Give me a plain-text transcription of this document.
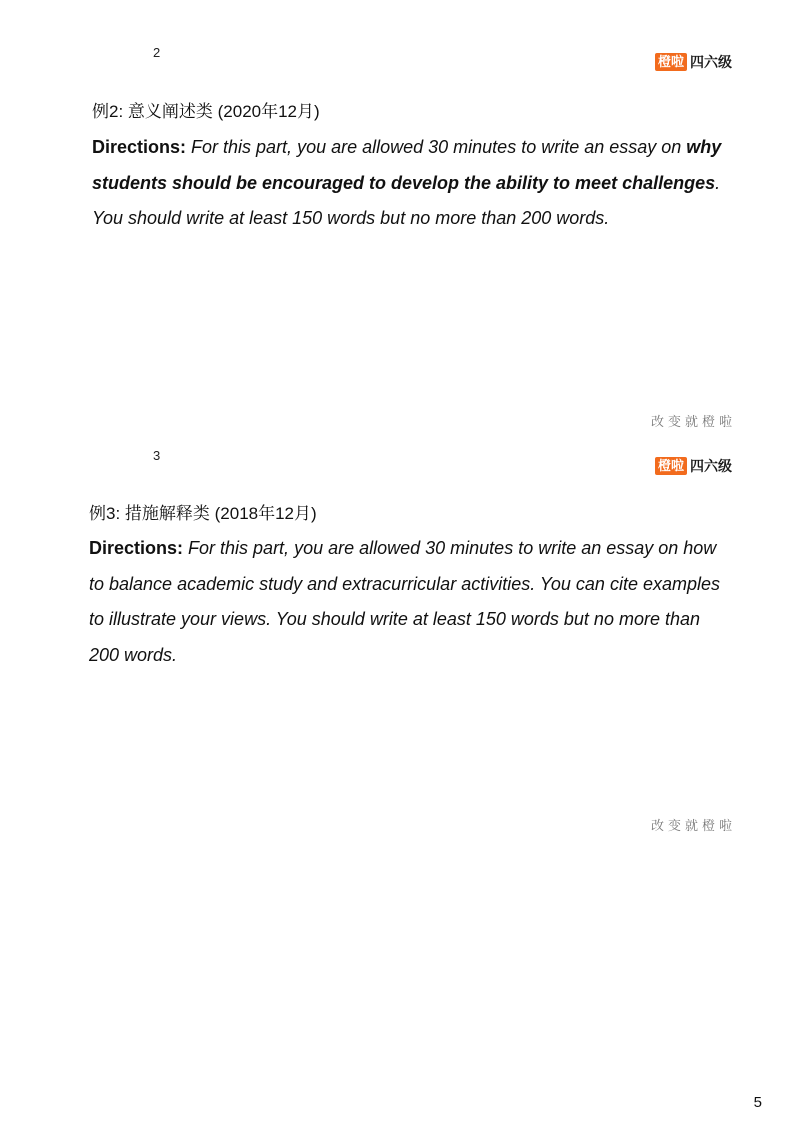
2
橙啦 四六级
例2: 意义阐述类 (2020年12月)
Directions: For this part, you are allowed 30 minutes to write an essay on why students should be encouraged to develop the ability to meet challenges. You should write at least 150 words but no more than 200 words.
改变就橙啦
3
橙啦 四六级
例3: 措施解释类 (2018年12月)
Directions: For this part, you are allowed 30 minutes to write an essay on how to balance academic study and extracurricular activities. You can cite examples to illustrate your views. You should write at least 150 words but no more than 200 words.
改变就橙啦
5
